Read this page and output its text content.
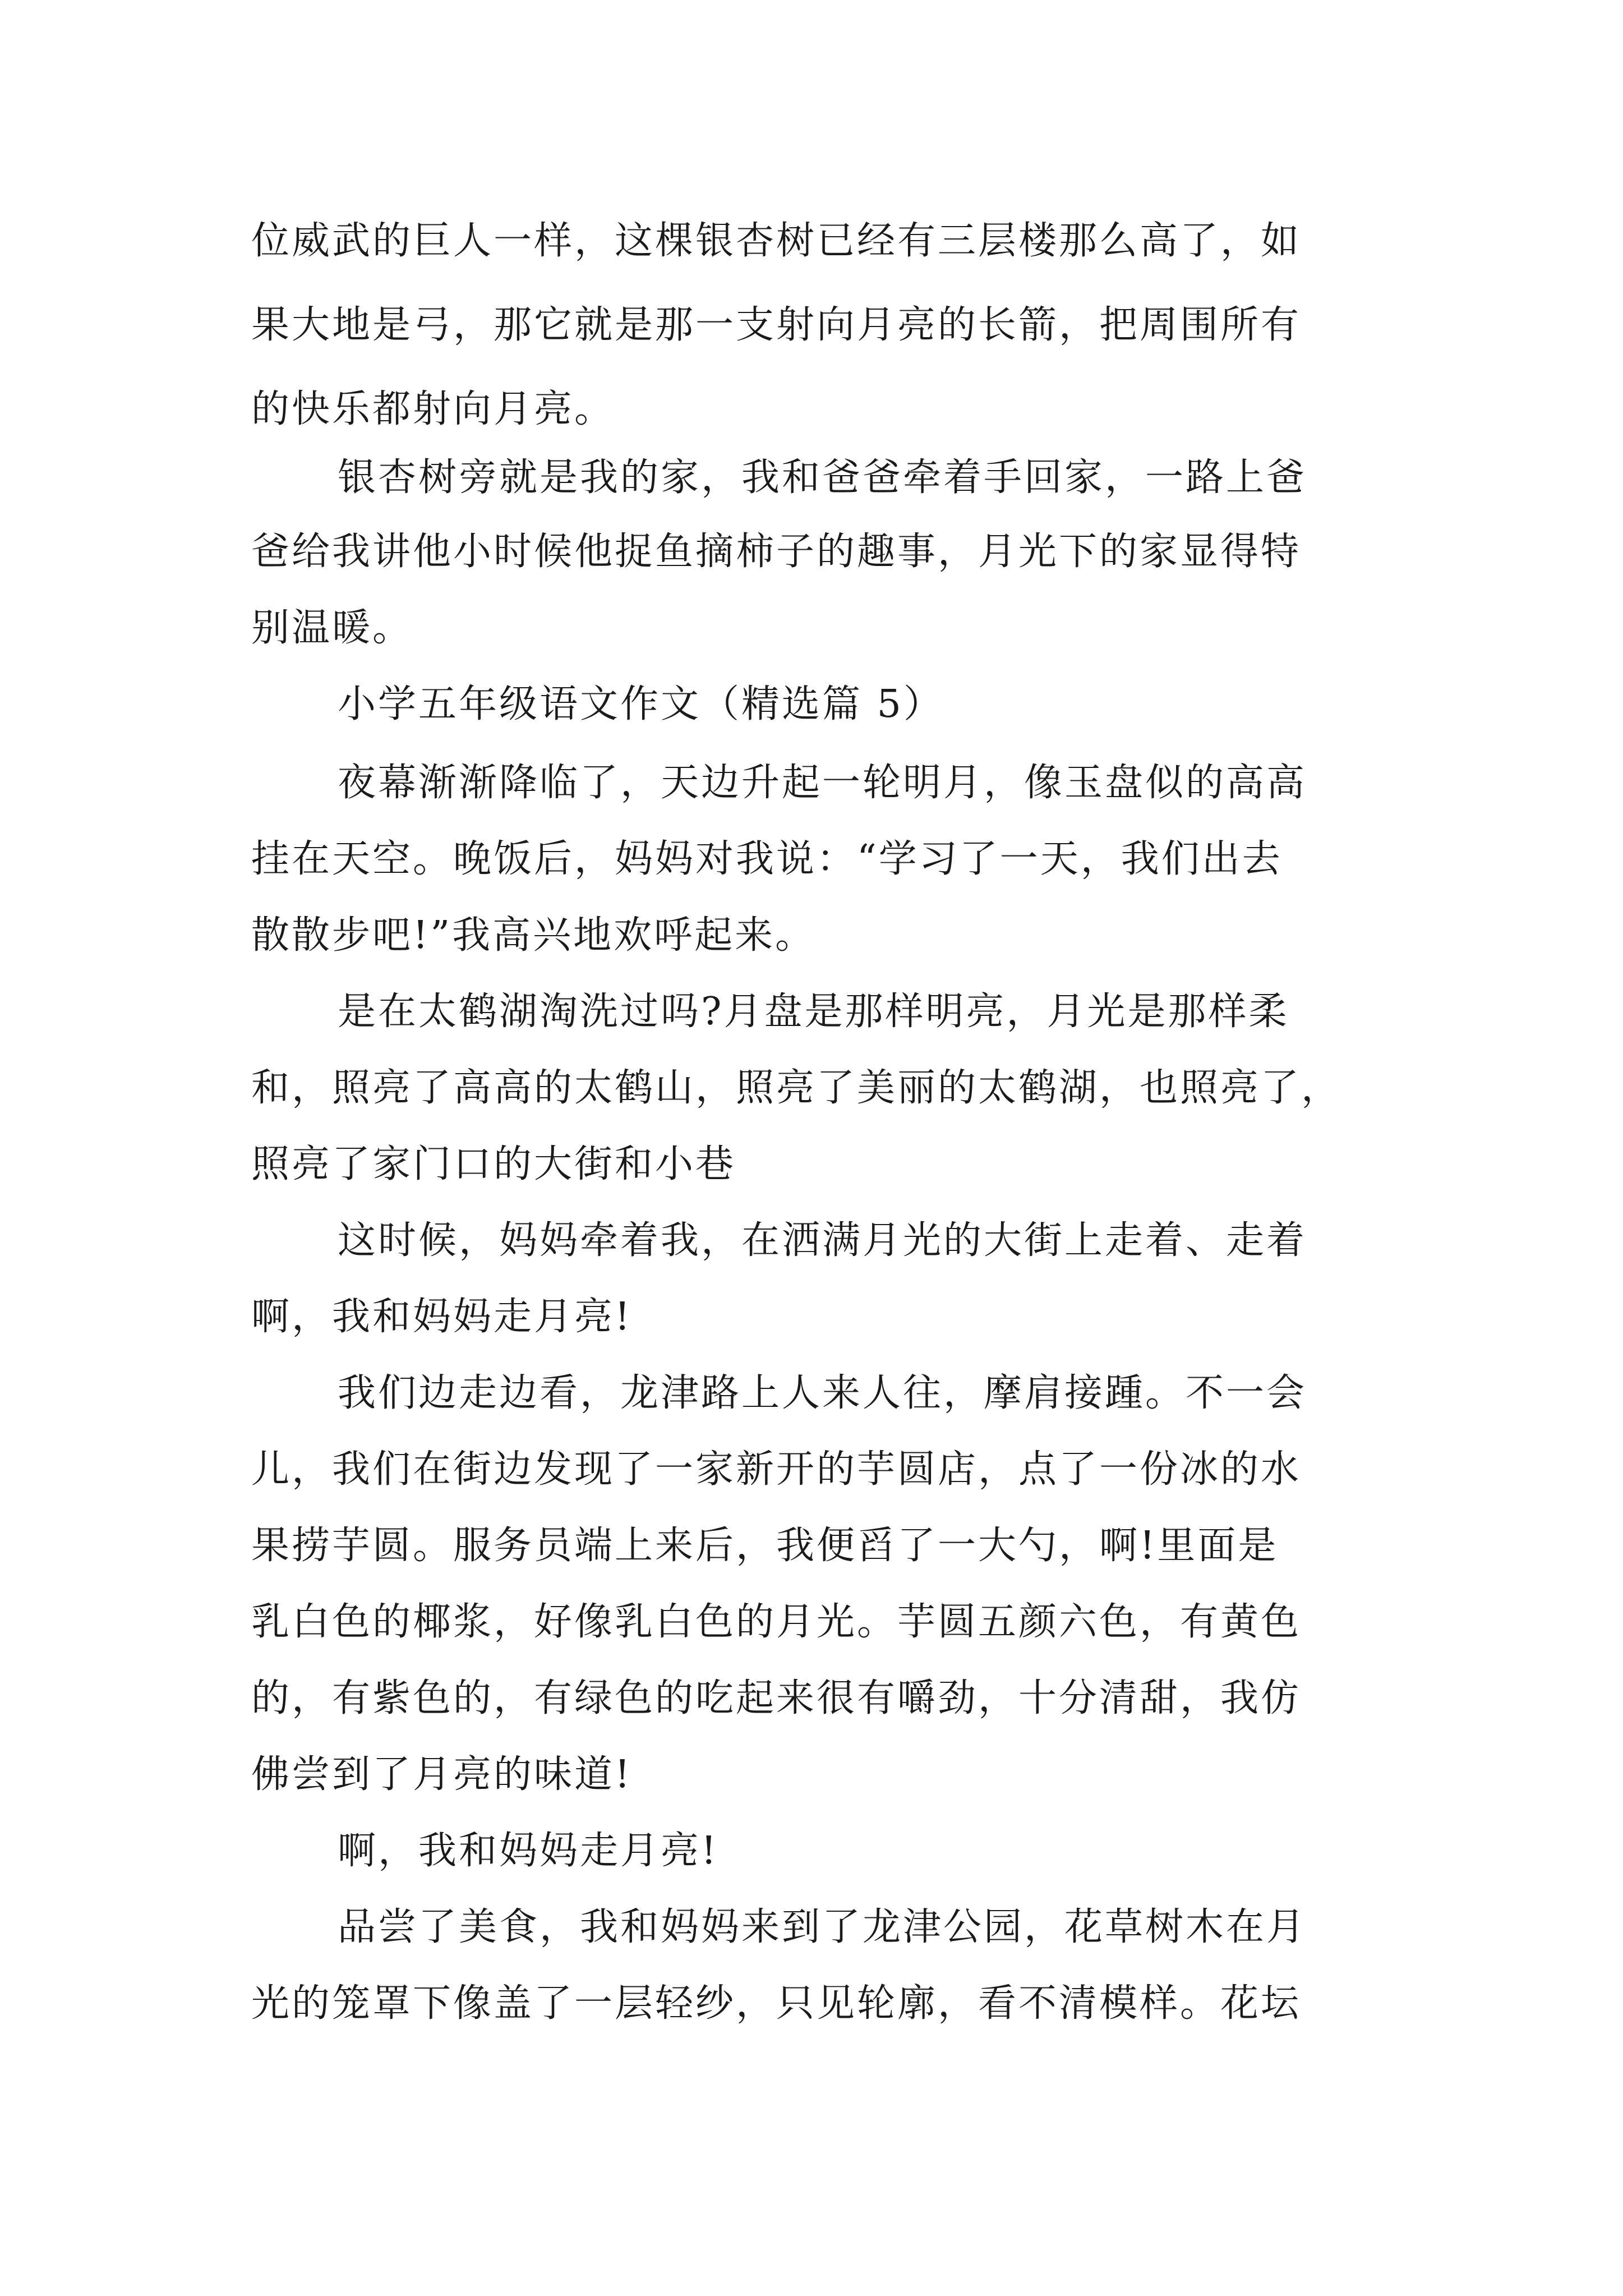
位威武的巨人一样，这棵银杏树已经有三层楼那么高了，如

果大地是弓，那它就是那一支射向月亮的长箭，把周围所有

的快乐都射向月亮。

银杏树旁就是我的家，我和爸爸牵着手回家，一路上爸

爸给我讲他小时候他捉鱼摘柿子的趣事，月光下的家显得特

别温暖。

小学五年级语文作文（精选篇 5）

夜幕渐渐降临了，天边升起一轮明月，像玉盘似的高高

挂在天空。晚饭后，妈妈对我说：“学习了一天，我们出去

散散步吧!”我高兴地欢呼起来。

是在太鹤湖淘洗过吗?月盘是那样明亮，月光是那样柔

和，照亮了高高的太鹤山，照亮了美丽的太鹤湖，也照亮了，

照亮了家门口的大街和小巷

这时候，妈妈牵着我，在洒满月光的大街上走着、走着

啊，我和妈妈走月亮!

我们边走边看，龙津路上人来人往，摩肩接踵。不一会

儿，我们在街边发现了一家新开的芋圆店，点了一份冰的水

果捞芋圆。服务员端上来后，我便舀了一大勺，啊!里面是

乳白色的椰浆，好像乳白色的月光。芋圆五颜六色，有黄色

的，有紫色的，有绿色的吃起来很有嚼劲，十分清甜，我仿

佛尝到了月亮的味道!

啊，我和妈妈走月亮!

品尝了美食，我和妈妈来到了龙津公园，花草树木在月

光的笼罩下像盖了一层轻纱，只见轮廓，看不清模样。花坛
